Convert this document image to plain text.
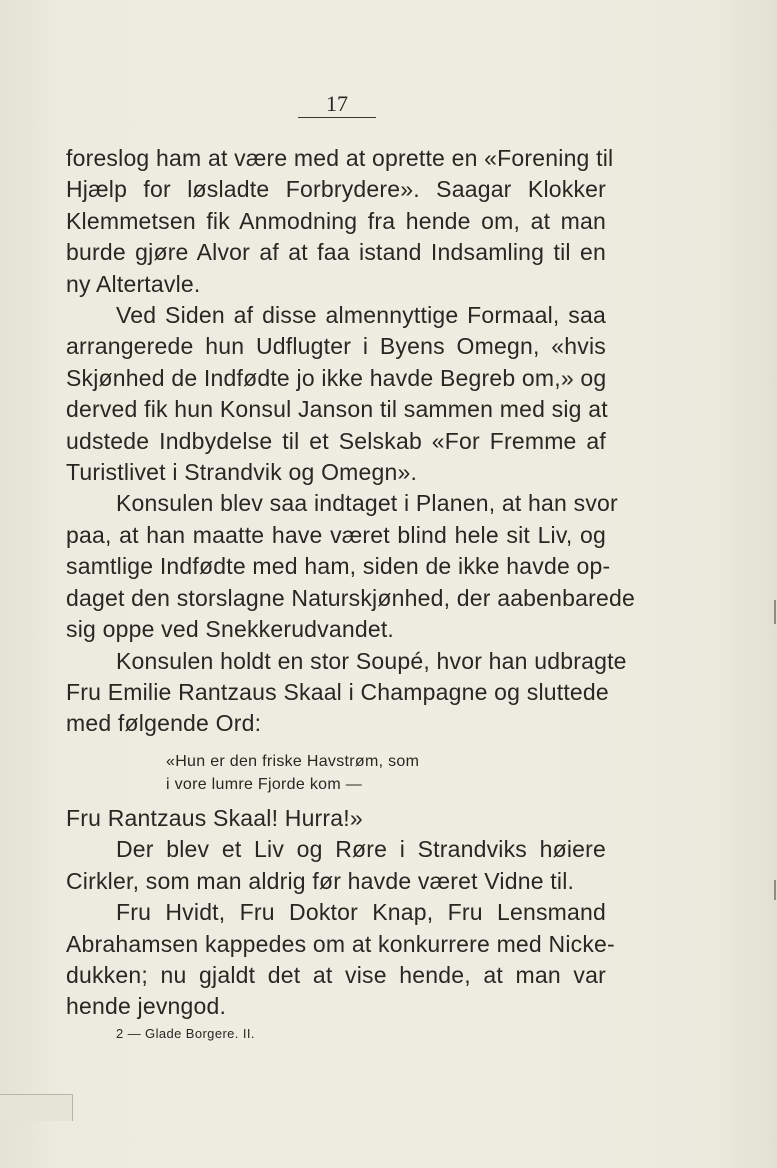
17
foreslog ham at være med at oprette en «Forening til
Hjælp for løsladte Forbrydere». Saagar Klokker
Klemmetsen fik Anmodning fra hende om, at man
burde gjøre Alvor af at faa istand Indsamling til en
ny Altertavle.
Ved Siden af disse almennyttige Formaal, saa
arrangerede hun Udflugter i Byens Omegn, «hvis
Skjønhed de Indfødte jo ikke havde Begreb om,» og
derved fik hun Konsul Janson til sammen med sig at
udstede Indbydelse til et Selskab «For Fremme af
Turistlivet i Strandvik og Omegn».
Konsulen blev saa indtaget i Planen, at han svor
paa, at han maatte have været blind hele sit Liv, og
samtlige Indfødte med ham, siden de ikke havde op-
daget den storslagne Naturskjønhed, der aabenbarede
sig oppe ved Snekkerudvandet.
Konsulen holdt en stor Soupé, hvor han udbragte
Fru Emilie Rantzaus Skaal i Champagne og sluttede
med følgende Ord:
«Hun er den friske Havstrøm, som
i vore lumre Fjorde kom —
Fru Rantzaus Skaal! Hurra!»
Der blev et Liv og Røre i Strandviks høiere
Cirkler, som man aldrig før havde været Vidne til.
Fru Hvidt, Fru Doktor Knap, Fru Lensmand
Abrahamsen kappedes om at konkurrere med Nicke-
dukken; nu gjaldt det at vise hende, at man var
hende jevngod.
2 — Glade Borgere. II.
